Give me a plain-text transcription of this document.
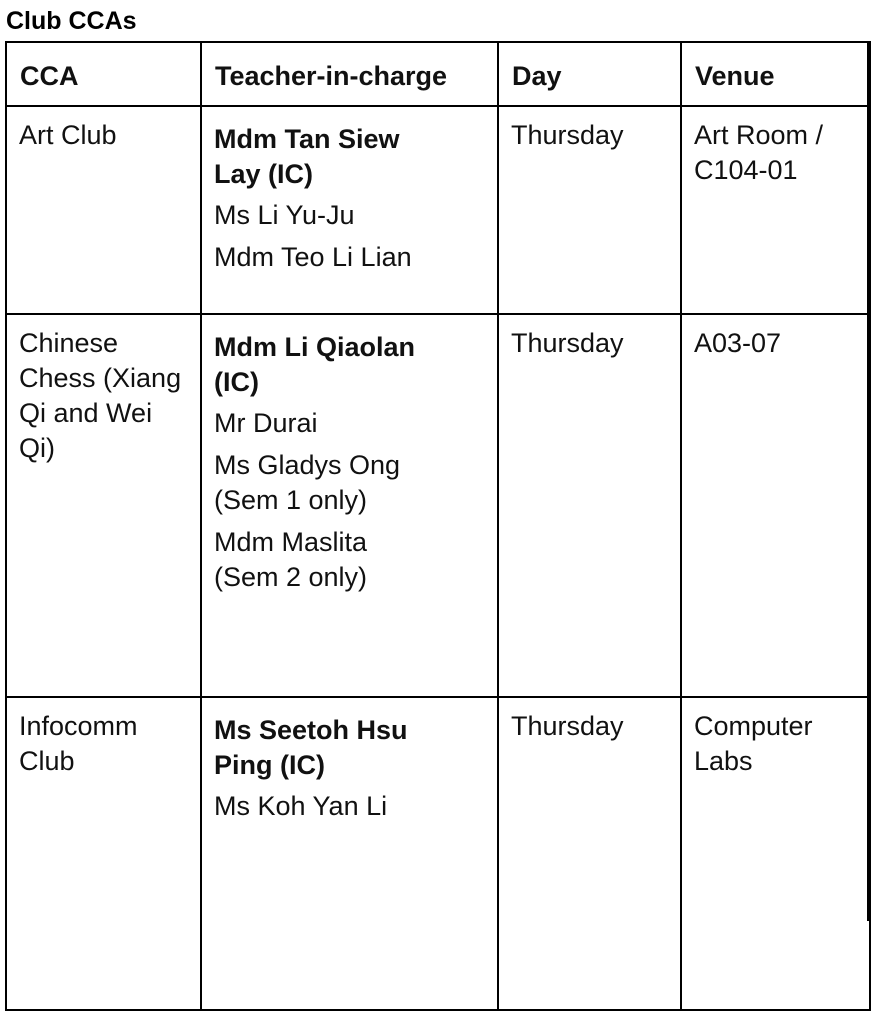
Club CCAs
CCA	Teacher-in-charge	Day	Venue

Art Club	Mdm Tan Siew Lay (IC)
Ms Li Yu-Ju
Mdm Teo Li Lian	Thursday	Art Room / C104-01

Chinese Chess (Xiang Qi and Wei Qi)	Mdm Li Qiaolan (IC)
Mr Durai
Ms Gladys Ong (Sem 1 only)
Mdm Maslita
(Sem 2 only)	Thursday	A03-07

Infocomm Club	Ms Seetoh Hsu Ping (IC)
Ms Koh Yan Li	Thursday	Computer Labs
